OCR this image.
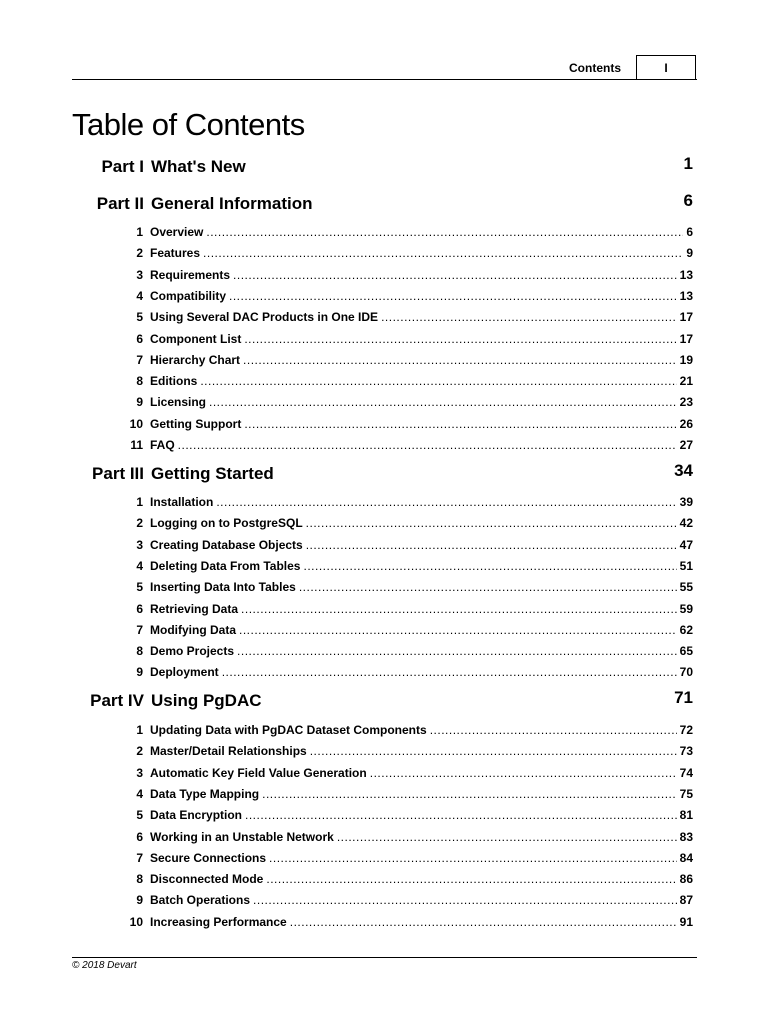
Contents	I
Table of Contents
Part I What's New	1
Part II General Information	6
1 Overview .....	6
2 Features .....	9
3 Requirements .....	13
4 Compatibility .....	13
5 Using Several DAC Products in One IDE .....	17
6 Component List .....	17
7 Hierarchy Chart .....	19
8 Editions .....	21
9 Licensing .....	23
10 Getting Support .....	26
11 FAQ .....	27
Part III Getting Started	34
1 Installation .....	39
2 Logging on to PostgreSQL .....	42
3 Creating Database Objects .....	47
4 Deleting Data From Tables .....	51
5 Inserting Data Into Tables .....	55
6 Retrieving Data .....	59
7 Modifying Data .....	62
8 Demo Projects .....	65
9 Deployment .....	70
Part IV Using PgDAC	71
1 Updating Data with PgDAC Dataset Components .....	72
2 Master/Detail Relationships .....	73
3 Automatic Key Field Value Generation .....	74
4 Data Type Mapping .....	75
5 Data Encryption .....	81
6 Working in an Unstable Network .....	83
7 Secure Connections .....	84
8 Disconnected Mode .....	86
9 Batch Operations .....	87
10 Increasing Performance .....	91
© 2018 Devart
